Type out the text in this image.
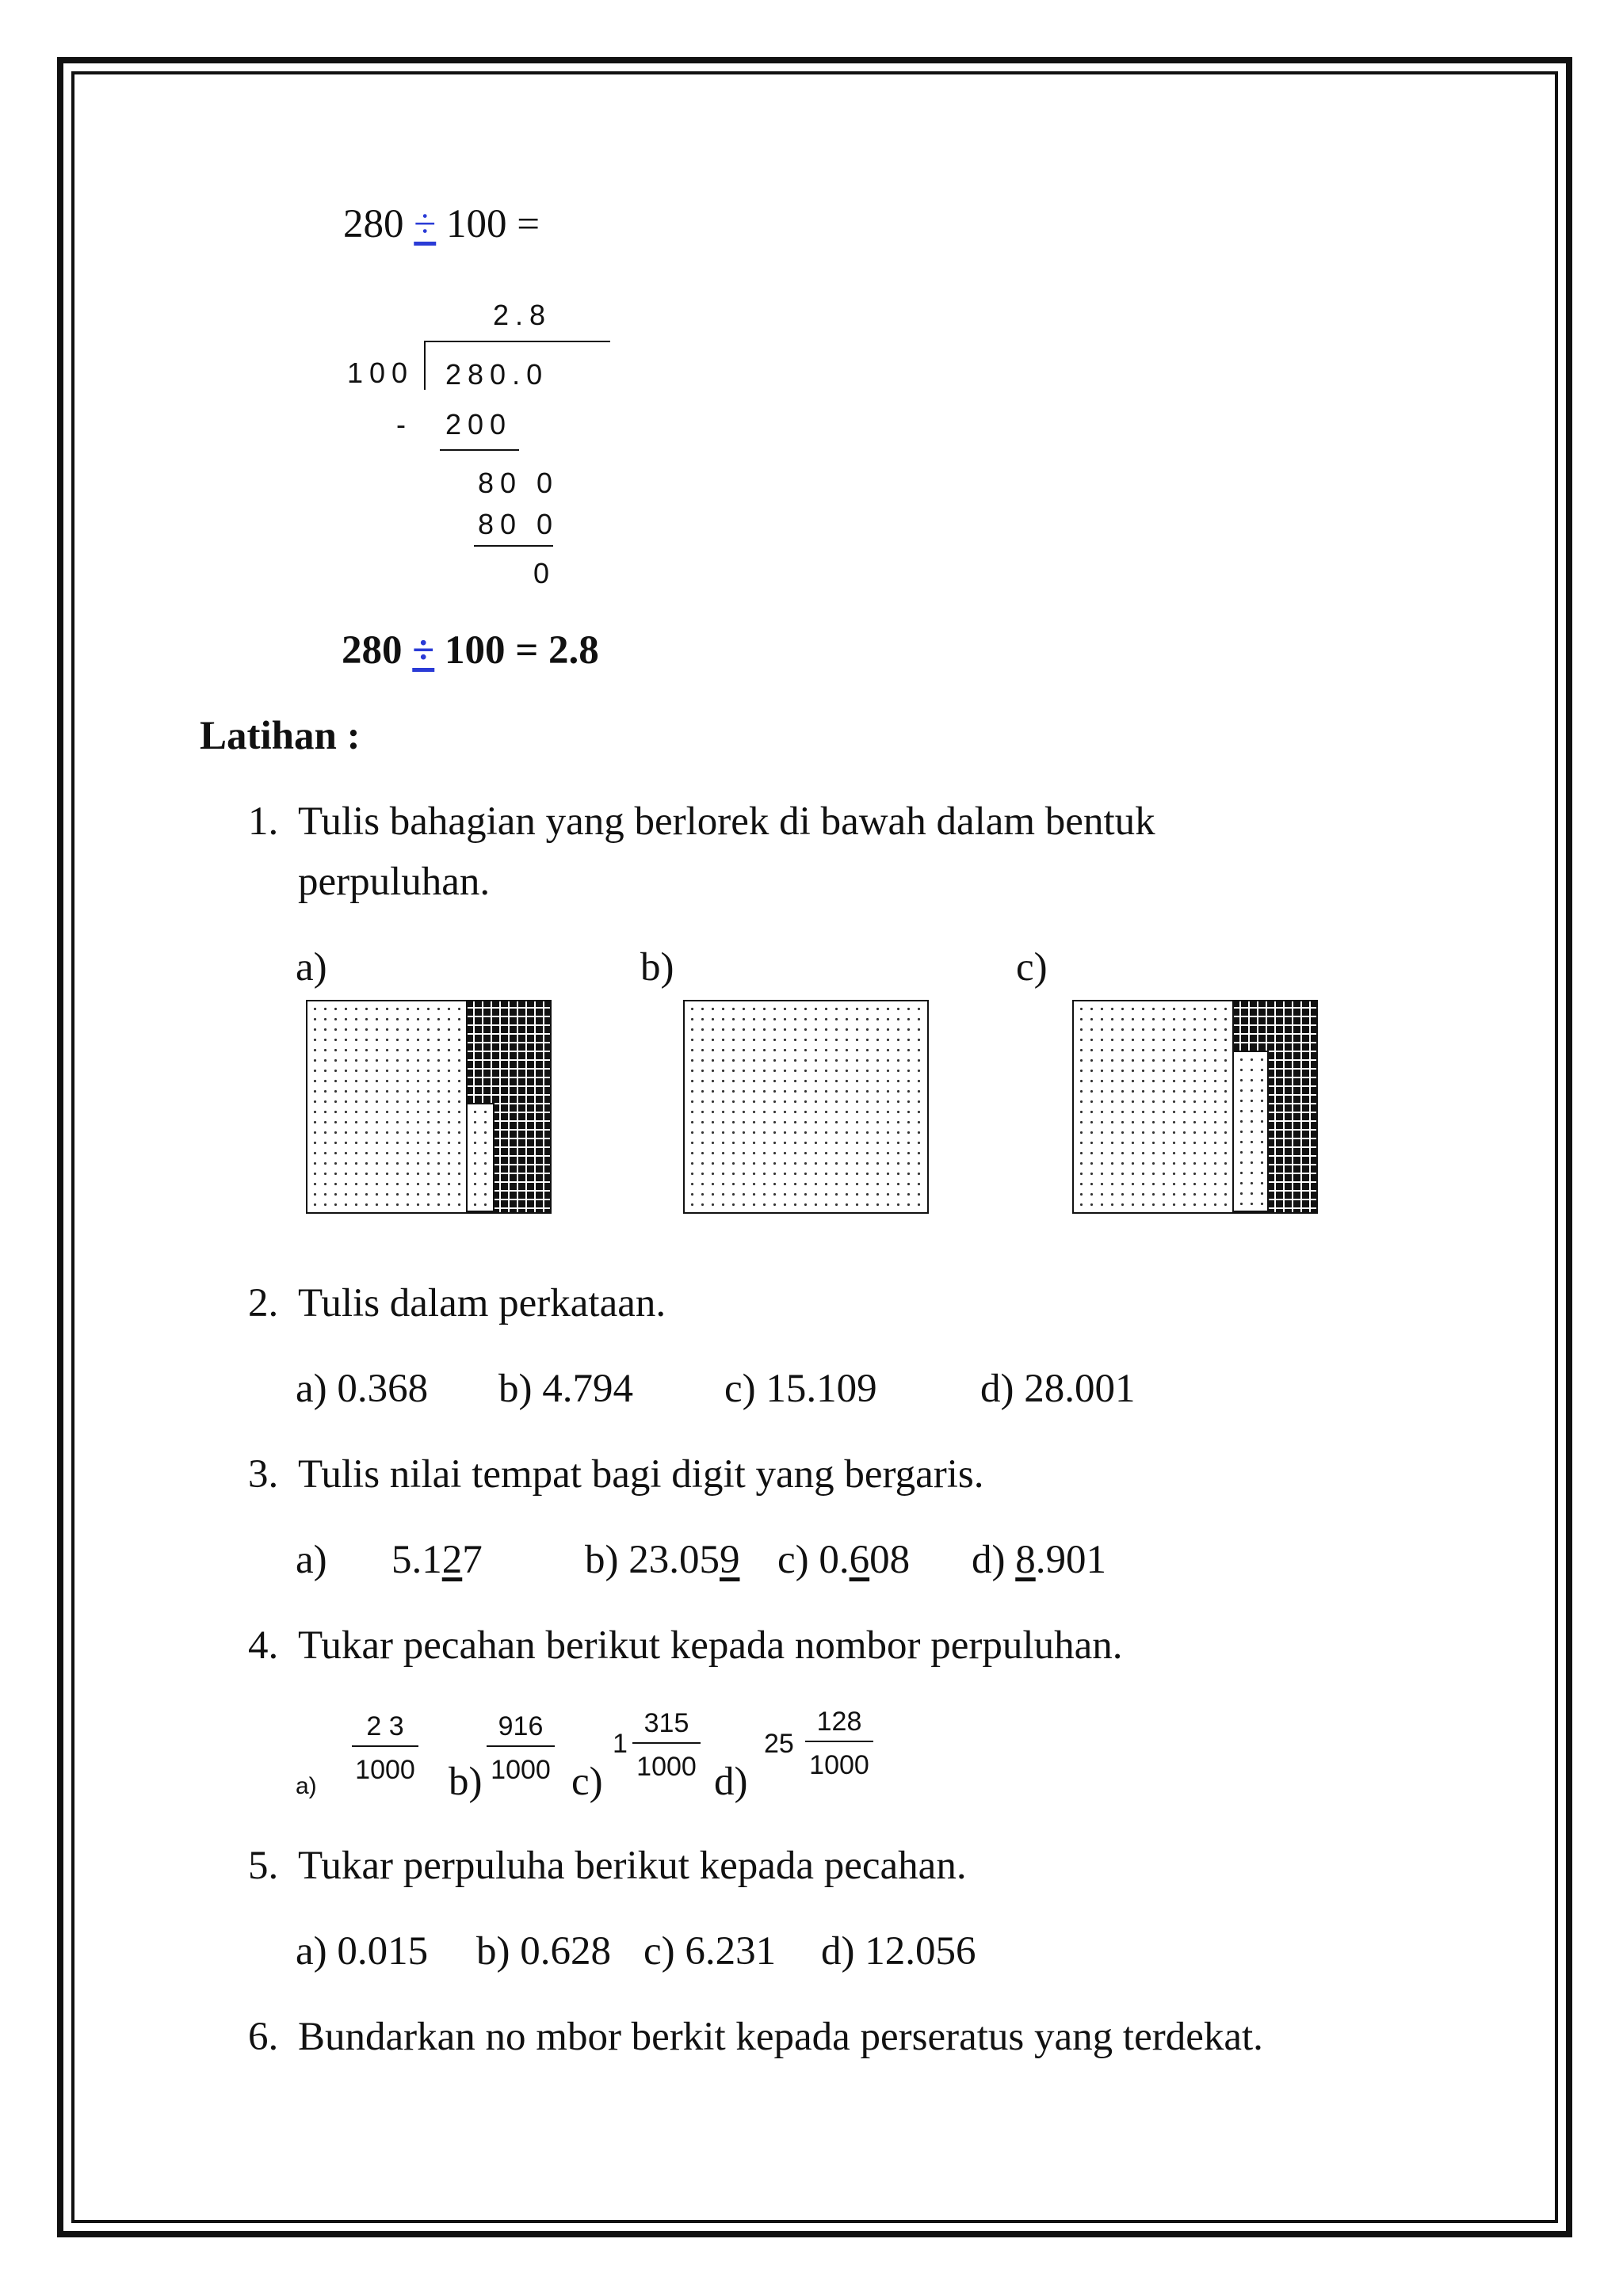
280 ÷ 100 =
2.8
100 280.0
- 200
80 0
80 0
0
280 ÷ 100 = 2.8
Latihan :
1. Tulis bahagian yang berlorek di bawah dalam bentuk
perpuluhan.
a)	b)	c)
2. Tulis dalam perkataan.
a) 0.368 b) 4.794 c) 15.109	d) 28.001
3. Tulis nilai tempat bagi digit yang bergaris.
a) 5.127	b) 23.059 c) 0.608 d) 8.901
4. Tukar pecahan berikut kepada nombor perpuluhan.
a)
2 3
1000 b)
916
1000 c)
1
315
1000 d)
25
128
1000
5. Tukar perpuluha berikut kepada pecahan.
a) 0.015 b) 0.628 c) 6.231 d) 12.056
6. Bundarkan no mbor berkit kepada perseratus yang terdekat.
